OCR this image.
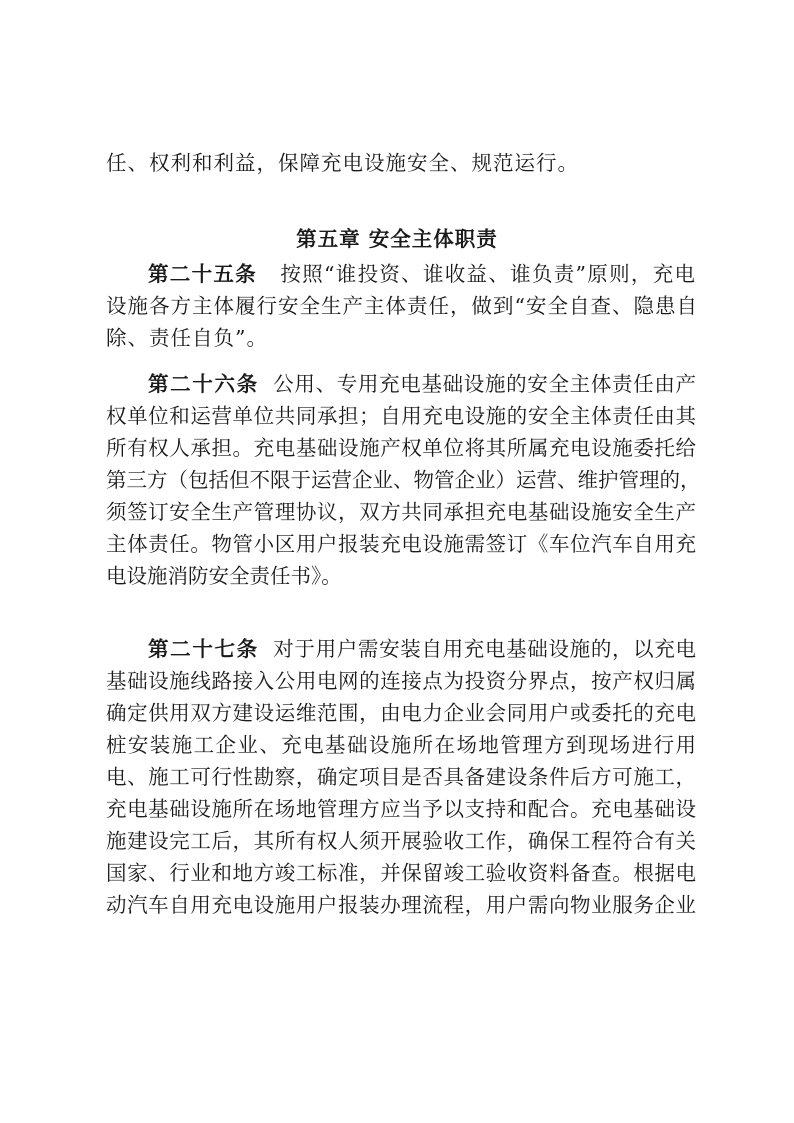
任、权利和利益，保障充电设施安全、规范运行。
第五章 安全主体职责
第二十五条 按照“谁投资、谁收益、谁负责”原则，充电
设施各方主体履行安全生产主体责任，做到“安全自查、隐患自
除、责任自负”。
第二十六条 公用、专用充电基础设施的安全主体责任由产
权单位和运营单位共同承担；自用充电设施的安全主体责任由其
所有权人承担。充电基础设施产权单位将其所属充电设施委托给
第三方（包括但不限于运营企业、物管企业）运营、维护管理的，
须签订安全生产管理协议，双方共同承担充电基础设施安全生产
主体责任。物管小区用户报装充电设施需签订《车位汽车自用充
电设施消防安全责任书》。
第二十七条 对于用户需安装自用充电基础设施的，以充电
基础设施线路接入公用电网的连接点为投资分界点，按产权归属
确定供用双方建设运维范围，由电力企业会同用户或委托的充电
桩安装施工企业、充电基础设施所在场地管理方到现场进行用
电、施工可行性勘察，确定项目是否具备建设条件后方可施工，
充电基础设施所在场地管理方应当予以支持和配合。充电基础设
施建设完工后，其所有权人须开展验收工作，确保工程符合有关
国家、行业和地方竣工标准，并保留竣工验收资料备查。根据电
动汽车自用充电设施用户报装办理流程，用户需向物业服务企业
